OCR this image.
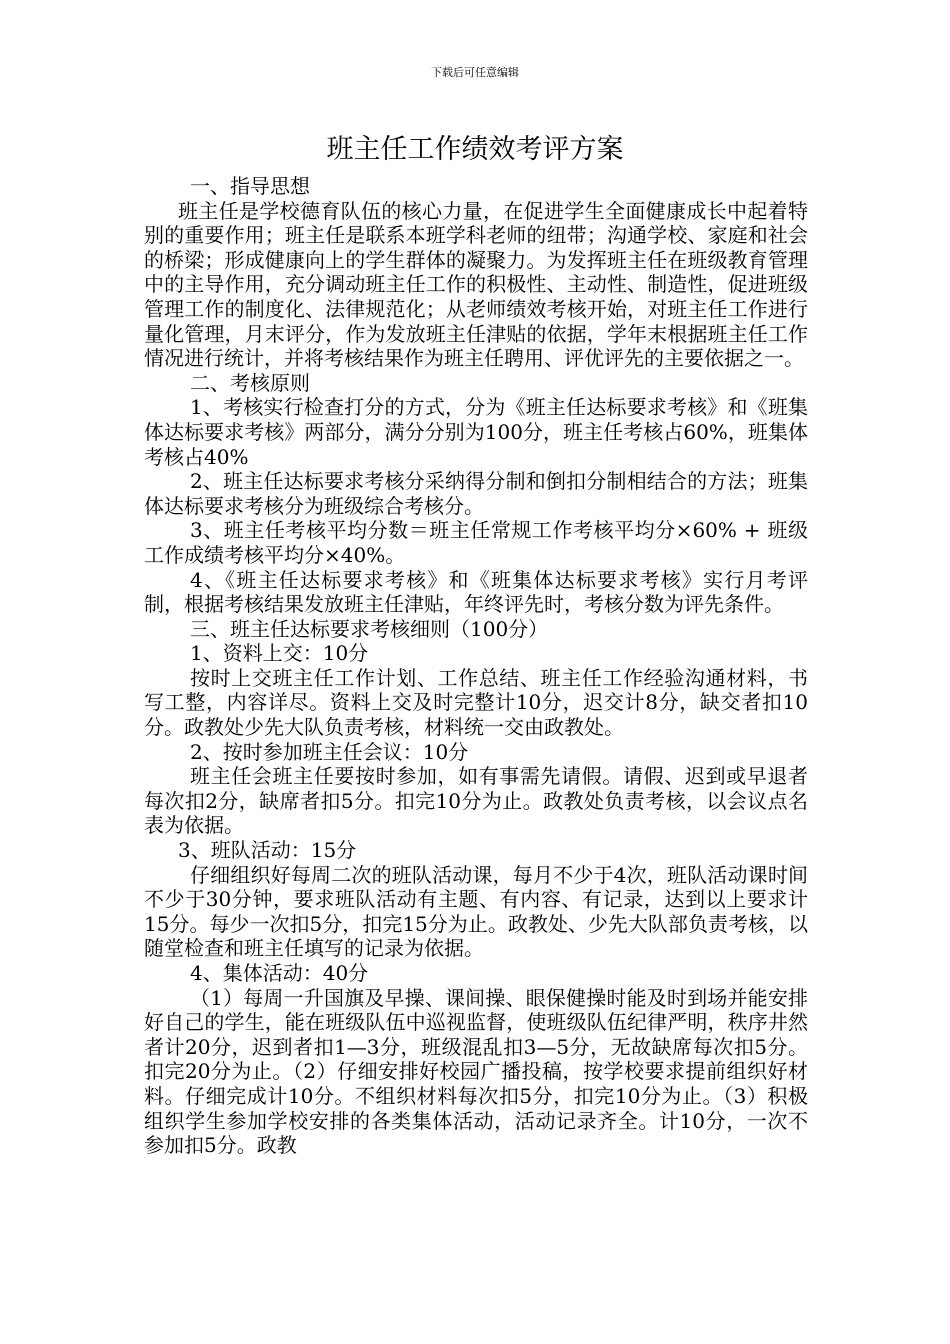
下载后可任意编辑
班主任工作绩效考评方案

一、指导思想

班主任是学校德育队伍的核心力量，在促进学生全面健康成长中起着特别的重要作用；班主任是联系本班学科老师的纽带；沟通学校、家庭和社会的桥梁；形成健康向上的学生群体的凝聚力。为发挥班主任在班级教育管理中的主导作用，充分调动班主任工作的积极性、主动性、制造性，促进班级管理工作的制度化、法律规范化；从老师绩效考核开始，对班主任工作进行量化管理，月末评分，作为发放班主任津贴的依据，学年末根据班主任工作情况进行统计，并将考核结果作为班主任聘用、评优评先的主要依据之一。

二、考核原则

1、考核实行检查打分的方式，分为《班主任达标要求考核》和《班集体达标要求考核》两部分，满分分别为100分，班主任考核占60%，班集体考核占40%

2、班主任达标要求考核分采纳得分制和倒扣分制相结合的方法；班集体达标要求考核分为班级综合考核分。

3、班主任考核平均分数＝班主任常规工作考核平均分×60% + 班级工作成绩考核平均分×40%。

4、《班主任达标要求考核》和《班集体达标要求考核》实行月考评制，根据考核结果发放班主任津贴，年终评先时，考核分数为评先条件。

三、班主任达标要求考核细则（100分）

1、资料上交：10分

按时上交班主任工作计划、工作总结、班主任工作经验沟通材料，书写工整，内容详尽。资料上交及时完整计10分，迟交计8分，缺交者扣10分。政教处少先大队负责考核，材料统一交由政教处。

2、按时参加班主任会议：10分

班主任会班主任要按时参加，如有事需先请假。请假、迟到或早退者每次扣2分，缺席者扣5分。扣完10分为止。政教处负责考核，以会议点名表为依据。

3、班队活动：15分

仔细组织好每周二次的班队活动课，每月不少于4次，班队活动课时间不少于30分钟，要求班队活动有主题、有内容、有记录，达到以上要求计15分。每少一次扣5分，扣完15分为止。政教处、少先大队部负责考核，以随堂检查和班主任填写的记录为依据。

4、集体活动：40分

（1）每周一升国旗及早操、课间操、眼保健操时能及时到场并能安排好自己的学生，能在班级队伍中巡视监督，使班级队伍纪律严明，秩序井然者计20分，迟到者扣1—3分，班级混乱扣3—5分，无故缺席每次扣5分。扣完20分为止。（2）仔细安排好校园广播投稿，按学校要求提前组织好材料。仔细完成计10分。不组织材料每次扣5分，扣完10分为止。（3）积极组织学生参加学校安排的各类集体活动，活动记录齐全。计10分，一次不参加扣5分。政教
